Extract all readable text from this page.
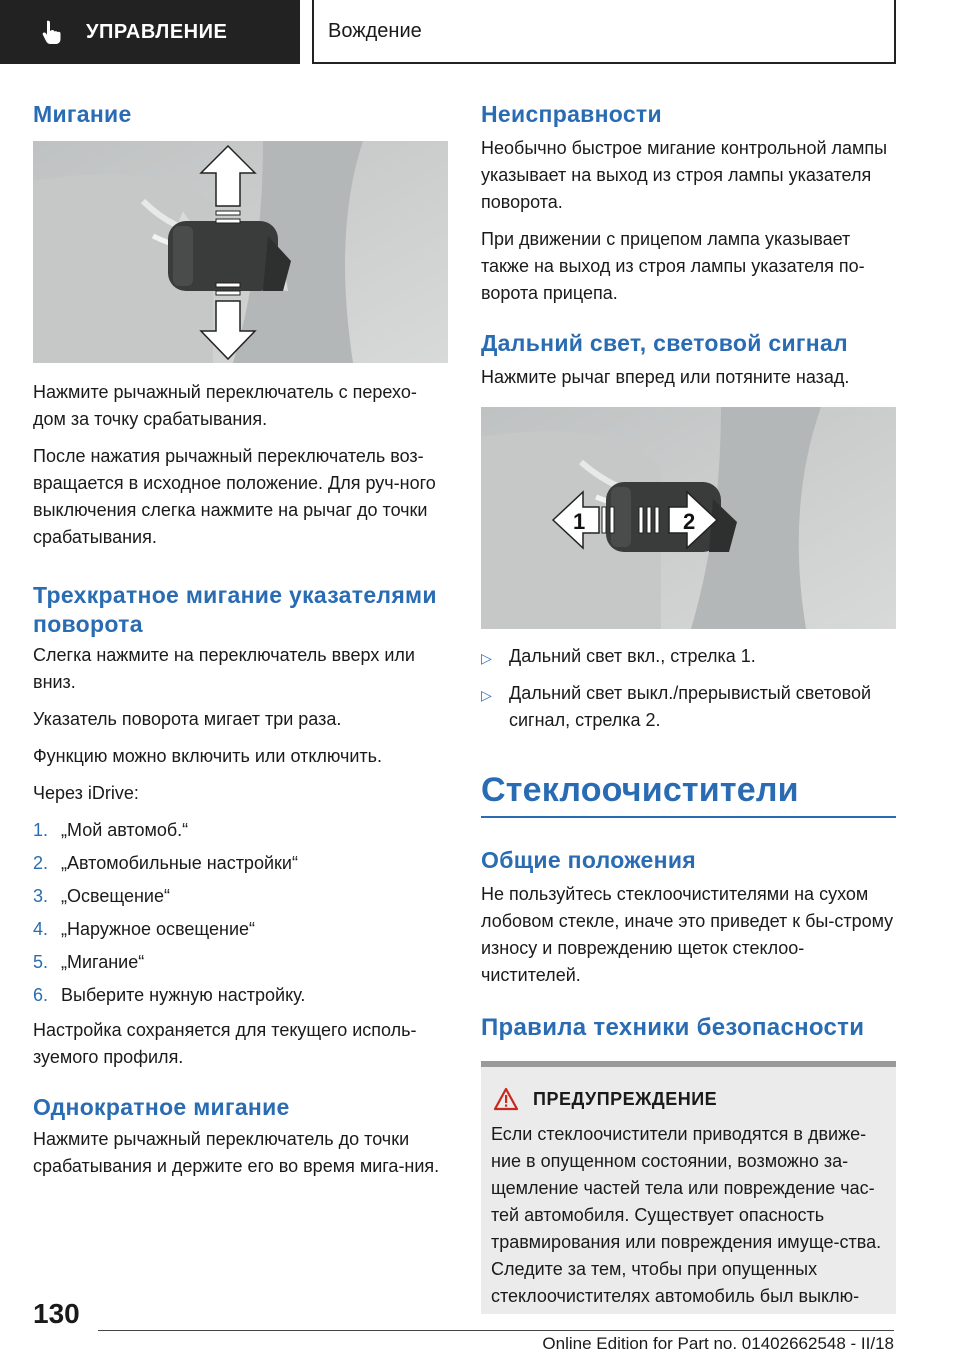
УПРАВЛЕНИЕ	Вождение
Мигание

Нажмите рычажный переключатель с перехо-дом за точку срабатывания.

После нажатия рычажный переключатель воз-вращается в исходное положение. Для руч-ного выключения слегка нажмите на рычаг до точки срабатывания.

Трехкратное мигание указателями поворота

Слегка нажмите на переключатель вверх или вниз.

Указатель поворота мигает три раза.

Функцию можно включить или отключить.

Через iDrive:

1. „Мой автомоб.“
2. „Автомобильные настройки“
3. „Освещение“
4. „Наружное освещение“
5. „Мигание“
6. Выберите нужную настройку.

Настройка сохраняется для текущего исполь-зуемого профиля.

Однократное мигание

Нажмите рычажный переключатель до точки срабатывания и держите его во время мига-ния.

Неисправности

Необычно быстрое мигание контрольной лампы указывает на выход из строя лампы указателя поворота.

При движении с прицепом лампа указывает также на выход из строя лампы указателя по-ворота прицепа.

Дальний свет, световой сигнал

Нажмите рычаг вперед или потяните назад.

1	2
▷ Дальний свет вкл., стрелка 1.
▷ Дальний свет выкл./прерывистый световой сигнал, стрелка 2.
Стеклоочистители
Общие положения

Не пользуйтесь стеклоочистителями на сухом лобовом стекле, иначе это приведет к бы-строму износу и повреждению щеток стеклоо-чистителей.

Правила техники безопасности
ПРЕДУПРЕЖДЕНИЕ

Если стеклоочистители приводятся в движе-ние в опущенном состоянии, возможно за-щемление частей тела или повреждение час-тей автомобиля. Существует опасность травмирования или повреждения имуще-ства. Следите за тем, чтобы при опущенных стеклоочистителях автомобиль был выклю-

130
Online Edition for Part no. 01402662548 - II/18
